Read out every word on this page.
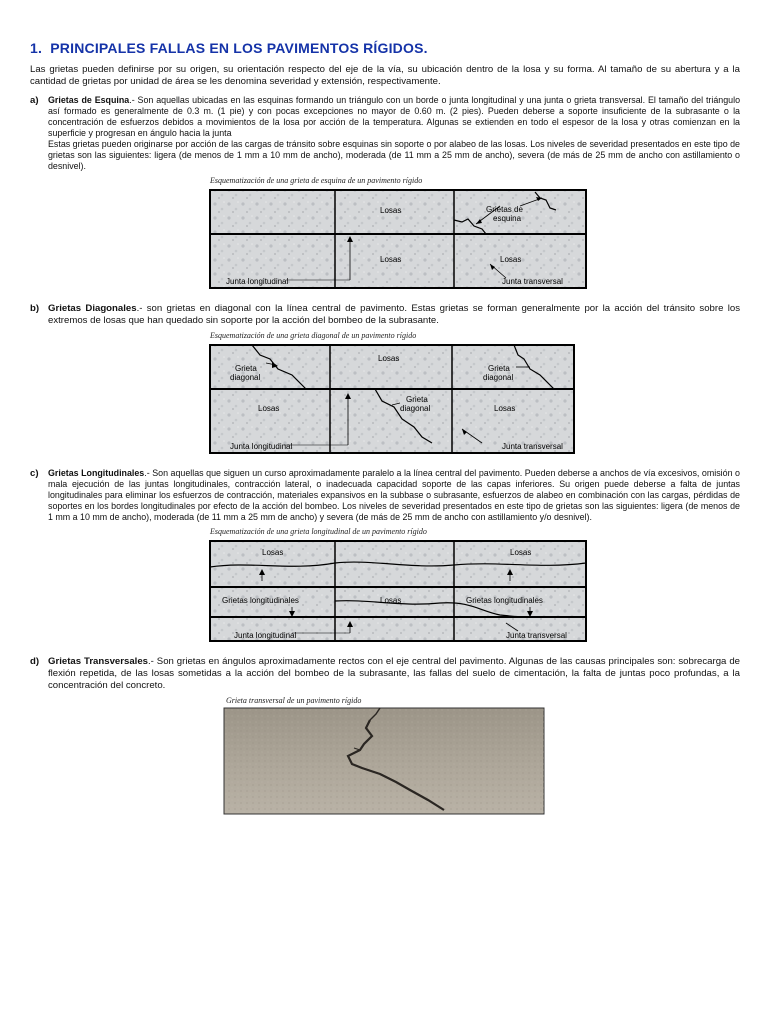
1.  PRINCIPALES FALLAS EN LOS PAVIMENTOS RÍGIDOS.

Las grietas pueden definirse por su origen, su orientación respecto del eje de la vía, su ubicación dentro de la losa y su forma. Al tamaño de su abertura y a la cantidad de grietas por unidad de área se les denomina severidad y extensión, respectivamente.

a) Grietas de Esquina.- Son aquellas ubicadas en las esquinas formando un triángulo con un borde o junta longitudinal y una junta o grieta transversal. El tamaño del triángulo así formado es generalmente de 0.3 m. (1 pie) y con pocas excepciones no mayor de 0.60 m. (2 pies). Pueden deberse a soporte insuficiente de la subrasante o la concentración de esfuerzos debidos a movimientos de la losa por acción de la temperatura. Algunas se extienden en todo el espesor de la losa y otras comienzan en la superficie y progresan en ángulo hacia la junta

Estas grietas pueden originarse por acción de las cargas de tránsito sobre esquinas sin soporte o por alabeo de las losas. Los niveles de severidad presentados en este tipo de grietas son las siguientes: ligera (de menos de 1 mm a 10 mm de ancho), moderada (de 11 mm a 25 mm de ancho), severa (de más de 25 mm de ancho con astillamiento o desnivel).

Esquematización de una grieta de esquina de un pavimento rígido
Losas	Grietas de
esquina
Losas	Losas
Junta longitudinal	Junta transversal
b) Grietas Diagonales.- son grietas en diagonal con la línea central de pavimento. Estas grietas se forman generalmente por la acción del tránsito sobre los extremos de losas que han quedado sin soporte por la acción del bombeo de la subrasante.

Esquematización de una grieta diagonal de un pavimento rígido
Grieta
diagonal
Losas
Grieta
diagonal
Losas
Grieta
diagonal	Losas
Junta longitudinal	Junta transversal
c) Grietas Longitudinales.- Son aquellas que siguen un curso aproximadamente paralelo a la línea central del pavimento. Pueden deberse a anchos de vía excesivos, omisión o mala ejecución de las juntas longitudinales, contracción lateral, o inadecuada capacidad soporte de las capas inferiores. Su origen puede deberse a falta de juntas longitudinales para eliminar los esfuerzos de contracción, materiales expansivos en la subbase o subrasante, esfuerzos de alabeo en combinación con las cargas, pérdidas de soportes en los bordes longitudinales por efecto de la acción del bombeo. Los niveles de severidad presentados en este tipo de grietas son las siguientes: ligera (de menos de 1 mm a 10 mm de ancho), moderada (de 11 mm a 25 mm de ancho) y severa (de más de 25 mm de ancho con astillamiento y/o desnivel).

Esquematización de una grieta longitudinal de un pavimento rígido
Losas	Losas
Grietas longitudinales	Losas	Grietas longitudinales
Junta longitudinal	Junta transversal
d) Grietas Transversales.- Son grietas en ángulos aproximadamente rectos con el eje central del pavimento. Algunas de las causas principales son: sobrecarga de flexión repetida, de las losas sometidas a la acción del bombeo de la subrasante, las fallas del suelo de cimentación, la falta de juntas poco profundas, a la concentración del concreto.

Grieta transversal de un pavimento rígido
